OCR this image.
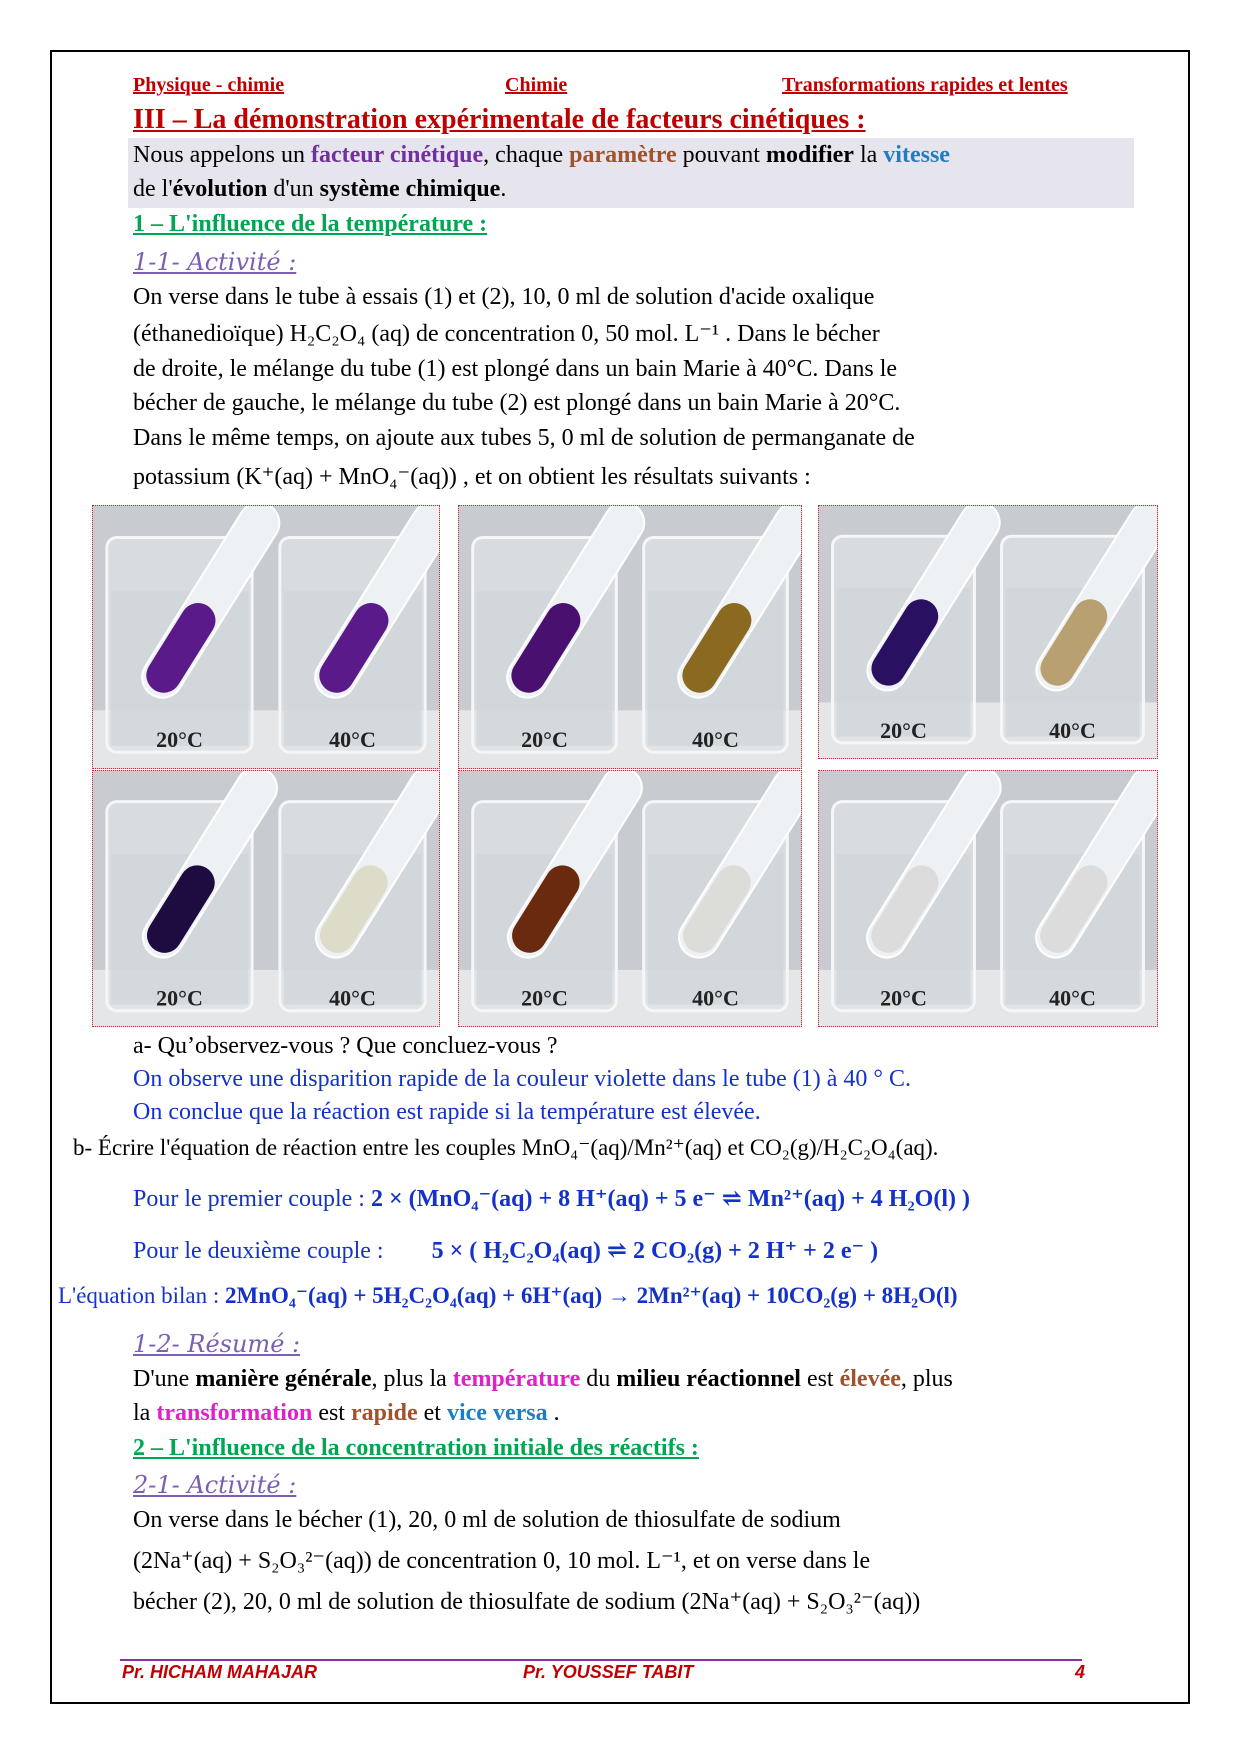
Physique - chimie	Chimie	Transformations rapides et lentes
III – La démonstration expérimentale de facteurs cinétiques :
Nous appelons un facteur cinétique, chaque paramètre pouvant modifier la vitesse
de l'évolution d'un système chimique.
1 – L'influence de la température :
1-1- Activité :
On verse dans le tube à essais (1) et (2), 10, 0 ml de solution d'acide oxalique
(éthanedioïque) H₂C₂O₄ (aq) de concentration 0, 50 mol. L⁻¹ . Dans le bécher
de droite, le mélange du tube (1) est plongé dans un bain Marie à 40°C. Dans le
bécher de gauche, le mélange du tube (2) est plongé dans un bain Marie à 20°C.
Dans le même temps, on ajoute aux tubes 5, 0 ml de solution de permanganate de
potassium (K⁺(aq) + MnO₄⁻(aq)) , et on obtient les résultats suivants :
20°C	40°C	20°C	40°C	20°C	40°C
20°C	40°C	20°C	40°C	20°C	40°C
a- Qu’observez-vous ? Que concluez-vous ?
On observe une disparition rapide de la couleur violette dans le tube (1) à 40 ° C.
On conclue que la réaction est rapide si la température est élevée.
b- Écrire l'équation de réaction entre les couples MnO₄⁻(aq)/Mn²⁺(aq) et CO₂(g)/H₂C₂O₄(aq).
Pour le premier couple : 2 × (MnO₄⁻(aq) + 8 H⁺(aq) + 5 e⁻ ⇌ Mn²⁺(aq) + 4 H₂O(l) )
Pour le deuxième couple : 5 × ( H₂C₂O₄(aq) ⇌ 2 CO₂(g) + 2 H⁺ + 2 e⁻ )
L'équation bilan : 2MnO₄⁻(aq) + 5H₂C₂O₄(aq) + 6H⁺(aq) → 2Mn²⁺(aq) + 10CO₂(g) + 8H₂O(l)
1-2- Résumé :
D'une manière générale, plus la température du milieu réactionnel est élevée, plus
la transformation est rapide et vice versa .
2 – L'influence de la concentration initiale des réactifs :
2-1- Activité :
On verse dans le bécher (1), 20, 0 ml de solution de thiosulfate de sodium
(2Na⁺(aq) + S₂O₃²⁻(aq)) de concentration 0, 10 mol. L⁻¹, et on verse dans le
bécher (2), 20, 0 ml de solution de thiosulfate de sodium (2Na⁺(aq) + S₂O₃²⁻(aq))
Pr. HICHAM MAHAJAR	Pr. YOUSSEF TABIT	4
